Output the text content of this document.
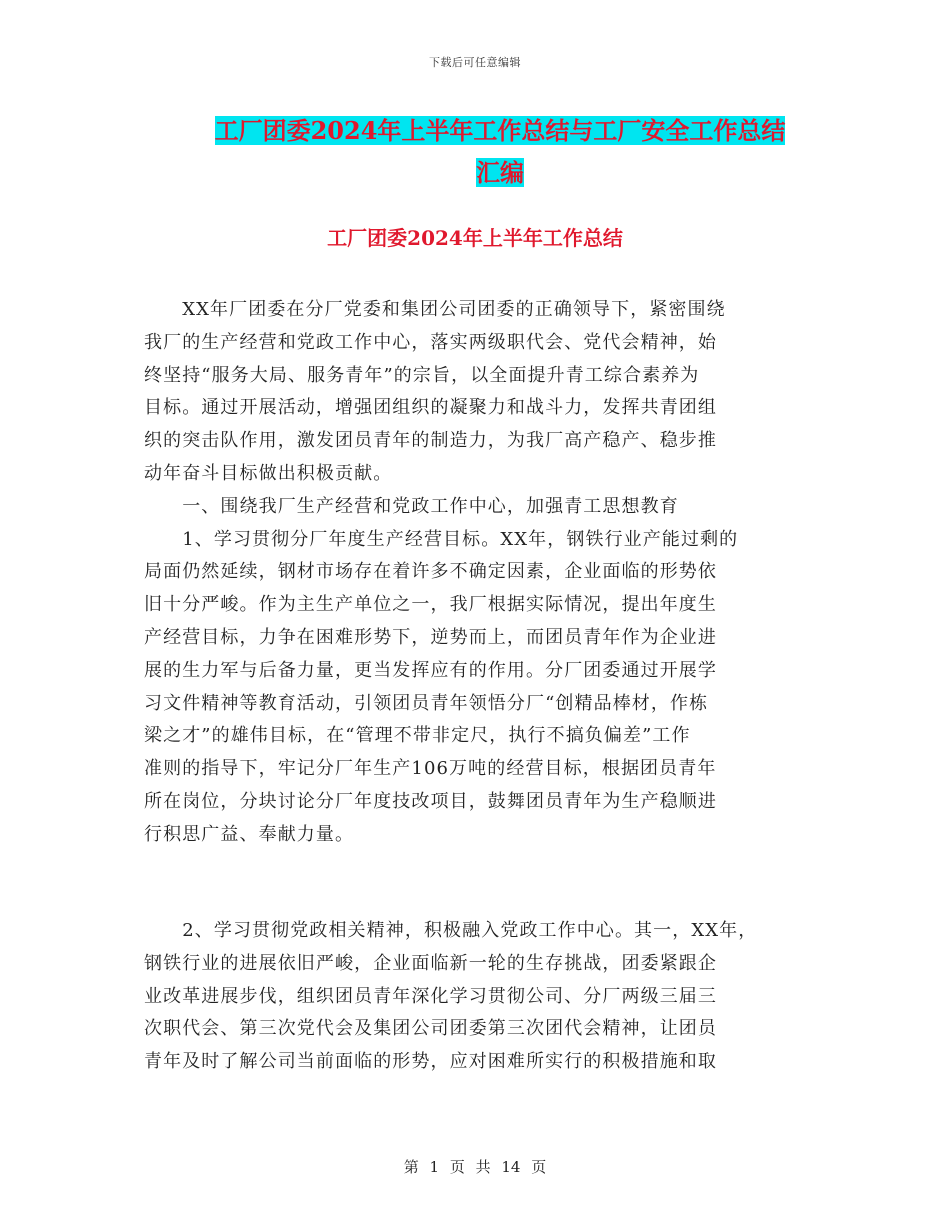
下载后可任意编辑
工厂团委2024年上半年工作总结与工厂安全工作总结
汇编
工厂团委2024年上半年工作总结
　　XX年厂团委在分厂党委和集团公司团委的正确领导下，紧密围绕
我厂的生产经营和党政工作中心，落实两级职代会、党代会精神，始
终坚持“服务大局、服务青年”的宗旨，以全面提升青工综合素养为
目标。通过开展活动，增强团组织的凝聚力和战斗力，发挥共青团组
织的突击队作用，激发团员青年的制造力，为我厂高产稳产、稳步推
动年奋斗目标做出积极贡献。
　　一、围绕我厂生产经营和党政工作中心，加强青工思想教育
　　1、学习贯彻分厂年度生产经营目标。XX年，钢铁行业产能过剩的
局面仍然延续，钢材市场存在着许多不确定因素，企业面临的形势依
旧十分严峻。作为主生产单位之一，我厂根据实际情况，提出年度生
产经营目标，力争在困难形势下，逆势而上，而团员青年作为企业进
展的生力军与后备力量，更当发挥应有的作用。分厂团委通过开展学
习文件精神等教育活动，引领团员青年领悟分厂“创精品棒材，作栋
梁之才”的雄伟目标，在“管理不带非定尺，执行不搞负偏差”工作
准则的指导下，牢记分厂年生产106万吨的经营目标，根据团员青年
所在岗位，分块讨论分厂年度技改项目，鼓舞团员青年为生产稳顺进
行积思广益、奉献力量。
　　2、学习贯彻党政相关精神，积极融入党政工作中心。其一，XX年，
钢铁行业的进展依旧严峻，企业面临新一轮的生存挑战，团委紧跟企
业改革进展步伐，组织团员青年深化学习贯彻公司、分厂两级三届三
次职代会、第三次党代会及集团公司团委第三次团代会精神，让团员
青年及时了解公司当前面临的形势，应对困难所实行的积极措施和取
第 1 页 共 14 页
